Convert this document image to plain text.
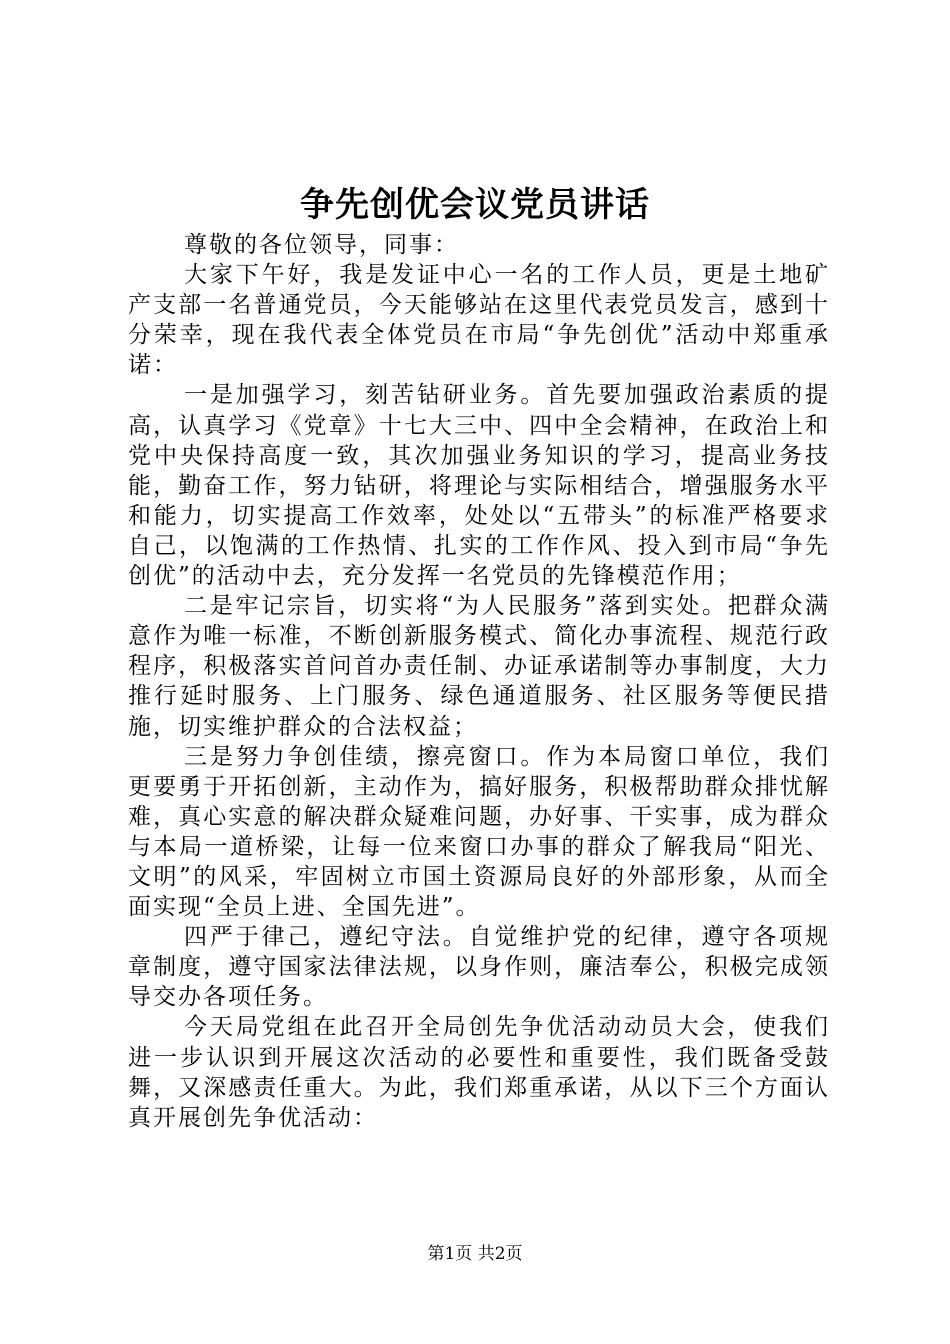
争先创优会议党员讲话

尊敬的各位领导，同事：

大家下午好，我是发证中心一名的工作人员，更是土地矿产支部一名普通党员，今天能够站在这里代表党员发言，感到十分荣幸，现在我代表全体党员在市局“争先创优”活动中郑重承诺：

一是加强学习，刻苦钻研业务。首先要加强政治素质的提高，认真学习《党章》十七大三中、四中全会精神，在政治上和党中央保持高度一致，其次加强业务知识的学习，提高业务技能，勤奋工作，努力钻研，将理论与实际相结合，增强服务水平和能力，切实提高工作效率，处处以“五带头”的标准严格要求自己，以饱满的工作热情、扎实的工作作风、投入到市局“争先创优”的活动中去，充分发挥一名党员的先锋模范作用；

二是牢记宗旨，切实将“为人民服务”落到实处。把群众满意作为唯一标准，不断创新服务模式、简化办事流程、规范行政程序，积极落实首问首办责任制、办证承诺制等办事制度，大力推行延时服务、上门服务、绿色通道服务、社区服务等便民措施，切实维护群众的合法权益；

三是努力争创佳绩，擦亮窗口。作为本局窗口单位，我们更要勇于开拓创新，主动作为，搞好服务，积极帮助群众排忧解难，真心实意的解决群众疑难问题，办好事、干实事，成为群众与本局一道桥梁，让每一位来窗口办事的群众了解我局“阳光、文明”的风采，牢固树立市国土资源局良好的外部形象，从而全面实现“全员上进、全国先进”。

四严于律己，遵纪守法。自觉维护党的纪律，遵守各项规章制度，遵守国家法律法规，以身作则，廉洁奉公，积极完成领导交办各项任务。

今天局党组在此召开全局创先争优活动动员大会，使我们进一步认识到开展这次活动的必要性和重要性，我们既备受鼓舞，又深感责任重大。为此，我们郑重承诺，从以下三个方面认真开展创先争优活动：

第1页 共2页
